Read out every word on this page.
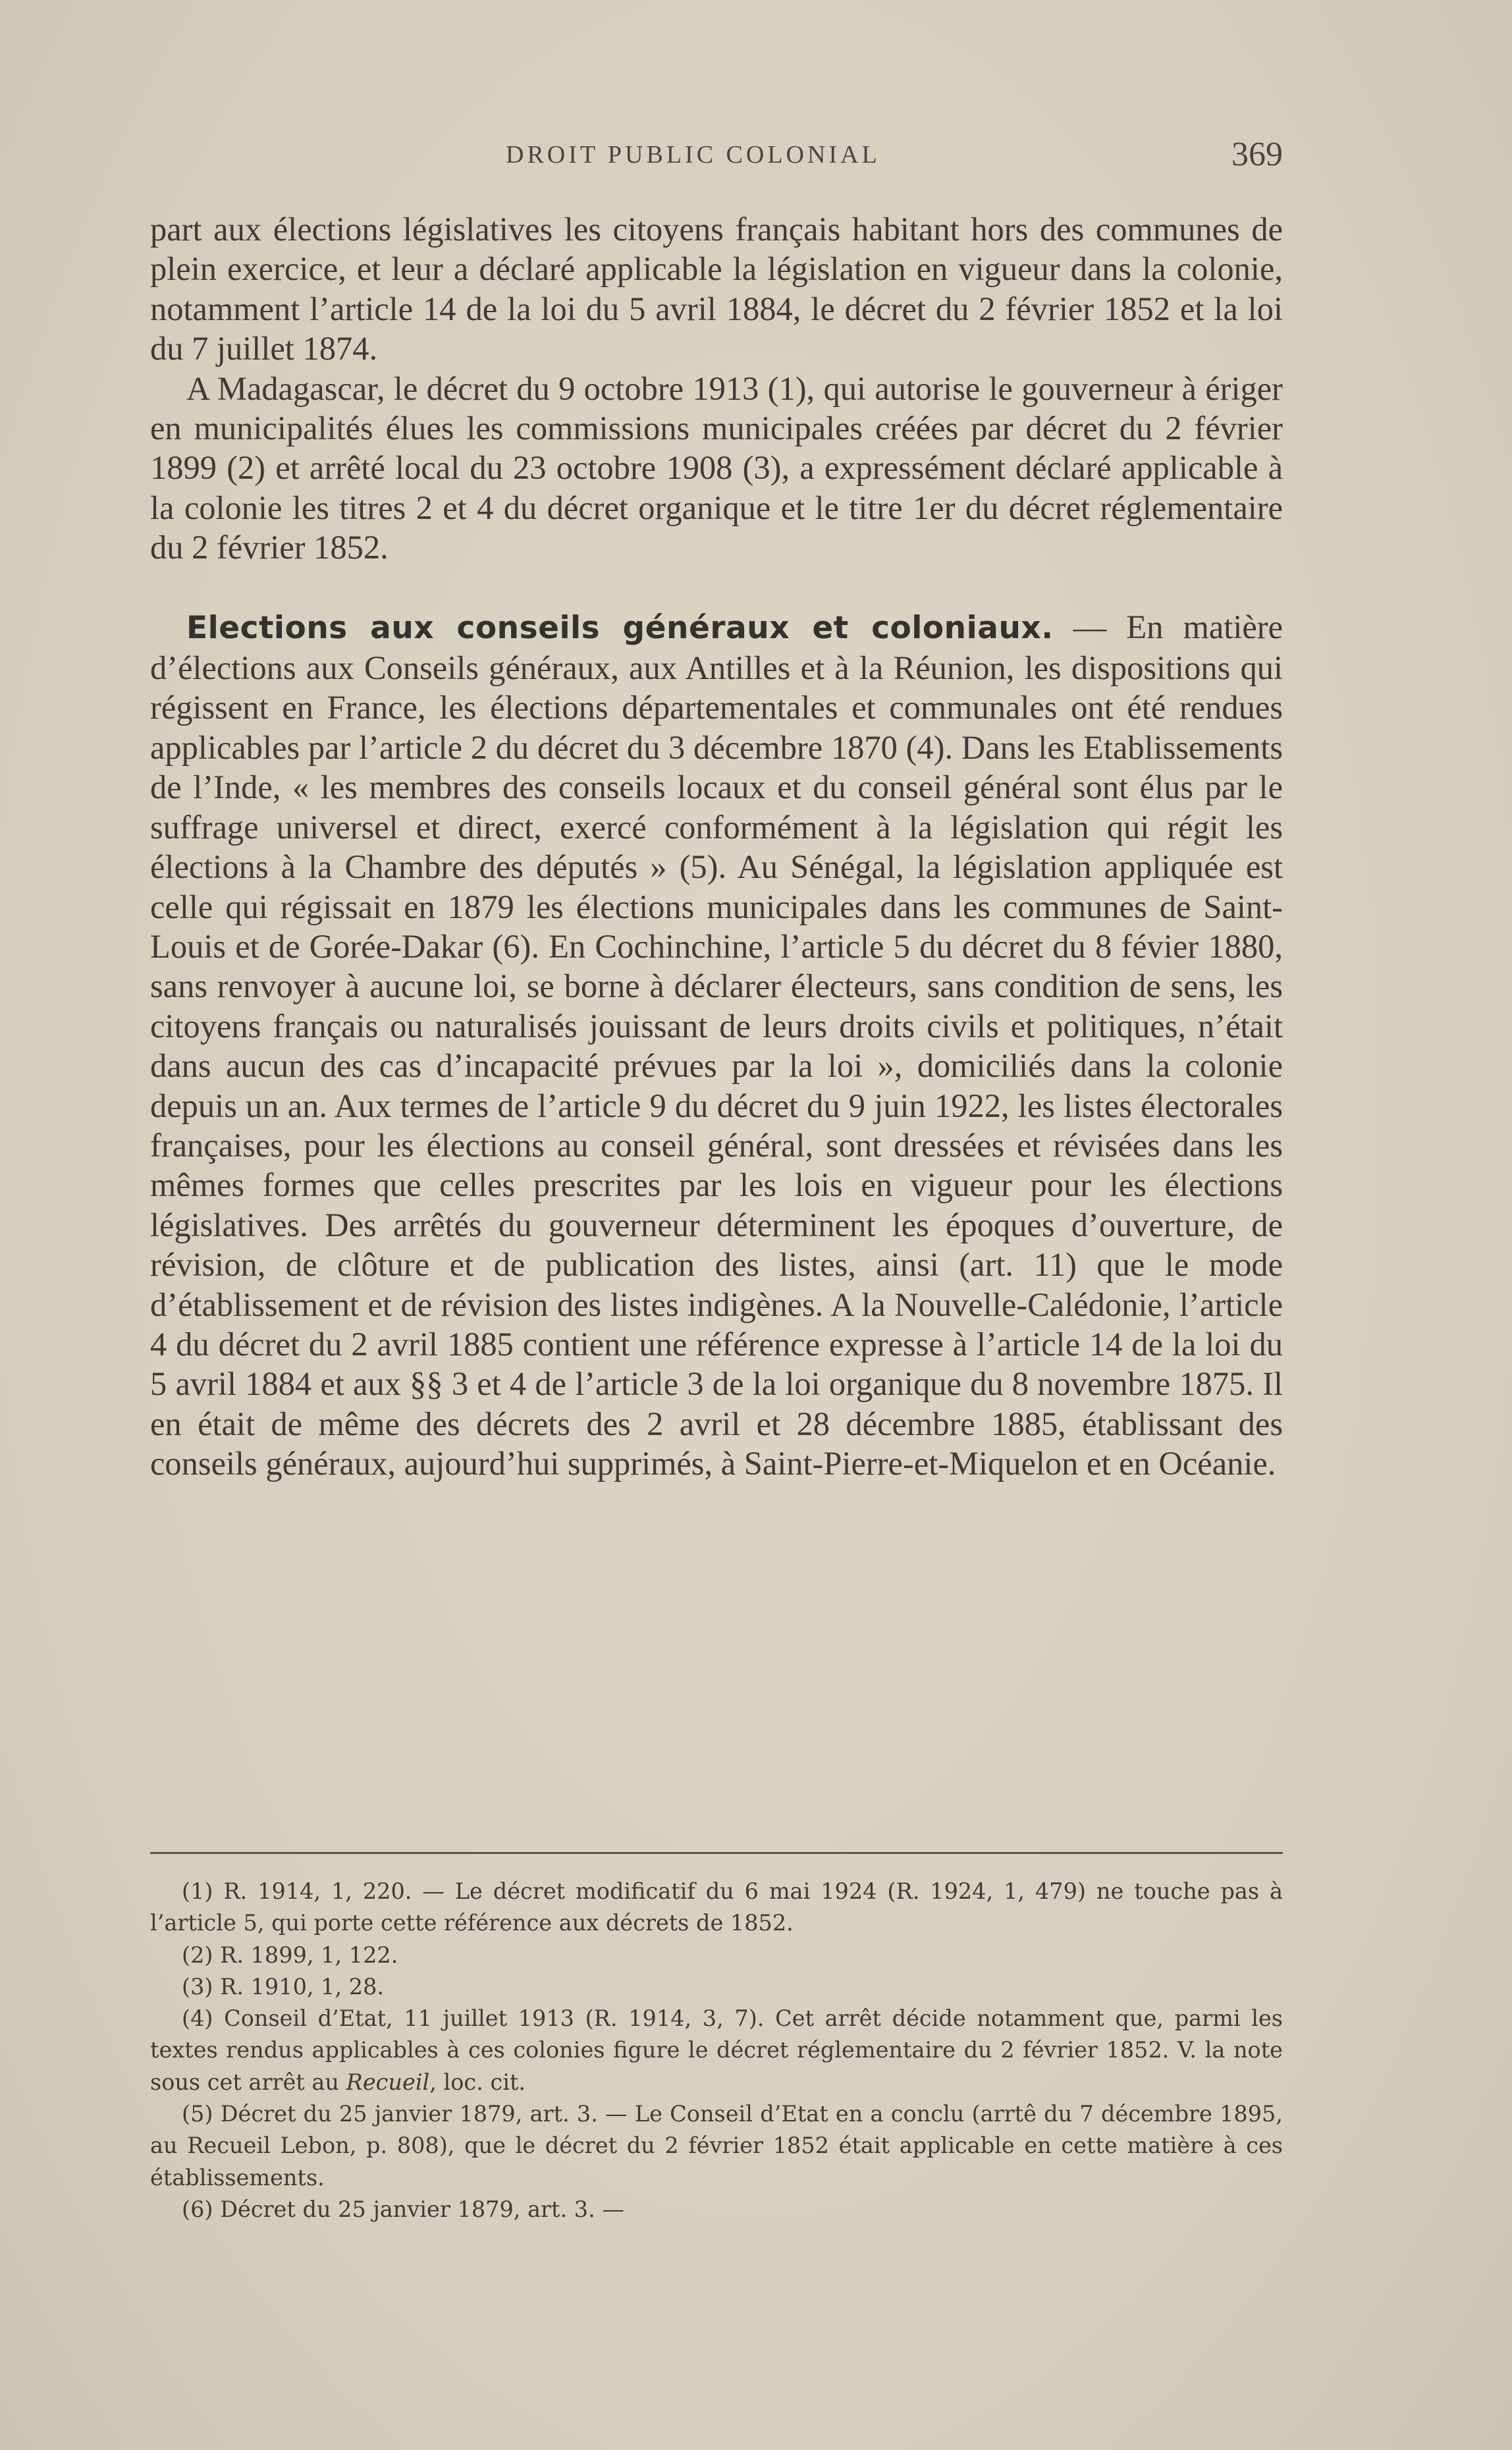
DROIT PUBLIC COLONIAL	369

part aux élections législatives les citoyens français habitant hors des communes de plein exercice, et leur a déclaré applicable la législation en vigueur dans la colonie, notamment l’article 14 de la loi du 5 avril 1884, le décret du 2 février 1852 et la loi du 7 juillet 1874.

A Madagascar, le décret du 9 octobre 1913 (1), qui autorise le gouverneur à ériger en municipalités élues les commissions municipales créées par décret du 2 février 1899 (2) et arrêté local du 23 octobre 1908 (3), a expressément déclaré applicable à la colonie les titres 2 et 4 du décret organique et le titre 1er du décret réglementaire du 2 février 1852.

Elections aux conseils généraux et coloniaux. — En matière d’élections aux Conseils généraux, aux Antilles et à la Réunion, les dispositions qui régissent en France, les élections départementales et communales ont été rendues applicables par l’article 2 du décret du 3 décembre 1870 (4). Dans les Etablissements de l’Inde, « les membres des conseils locaux et du conseil général sont élus par le suffrage universel et direct, exercé conformément à la législation qui régit les élections à la Chambre des députés » (5). Au Sénégal, la législation appliquée est celle qui régissait en 1879 les élections municipales dans les communes de Saint-Louis et de Gorée-Dakar (6). En Cochinchine, l’article 5 du décret du 8 févier 1880, sans renvoyer à aucune loi, se borne à déclarer électeurs, sans condition de sens, les citoyens français ou naturalisés jouissant de leurs droits civils et politiques, n’était dans aucun des cas d’incapacité prévues par la loi », domiciliés dans la colonie depuis un an. Aux termes de l’article 9 du décret du 9 juin 1922, les listes électorales françaises, pour les élections au conseil général, sont dressées et révisées dans les mêmes formes que celles prescrites par les lois en vigueur pour les élections législatives. Des arrêtés du gouverneur déterminent les époques d’ouverture, de révision, de clôture et de publication des listes, ainsi (art. 11) que le mode d’établissement et de révision des listes indigènes. A la Nouvelle-Calédonie, l’article 4 du décret du 2 avril 1885 contient une référence expresse à l’article 14 de la loi du 5 avril 1884 et aux §§ 3 et 4 de l’article 3 de la loi organique du 8 novembre 1875. Il en était de même des décrets des 2 avril et 28 décembre 1885, établissant des conseils généraux, aujourd’hui supprimés, à Saint-Pierre-et-Miquelon et en Océanie.

(1) R. 1914, 1, 220. — Le décret modificatif du 6 mai 1924 (R. 1924, 1, 479) ne touche pas à l’article 5, qui porte cette référence aux décrets de 1852.

(2) R. 1899, 1, 122.

(3) R. 1910, 1, 28.

(4) Conseil d’Etat, 11 juillet 1913 (R. 1914, 3, 7). Cet arrêt décide notamment que, parmi les textes rendus applicables à ces colonies figure le décret réglementaire du 2 février 1852. V. la note sous cet arrêt au Recueil, loc. cit.

(5) Décret du 25 janvier 1879, art. 3. — Le Conseil d’Etat en a conclu (arrtê du 7 décembre 1895, au Recueil Lebon, p. 808), que le décret du 2 février 1852 était applicable en cette matière à ces établissements.

(6) Décret du 25 janvier 1879, art. 3. —
